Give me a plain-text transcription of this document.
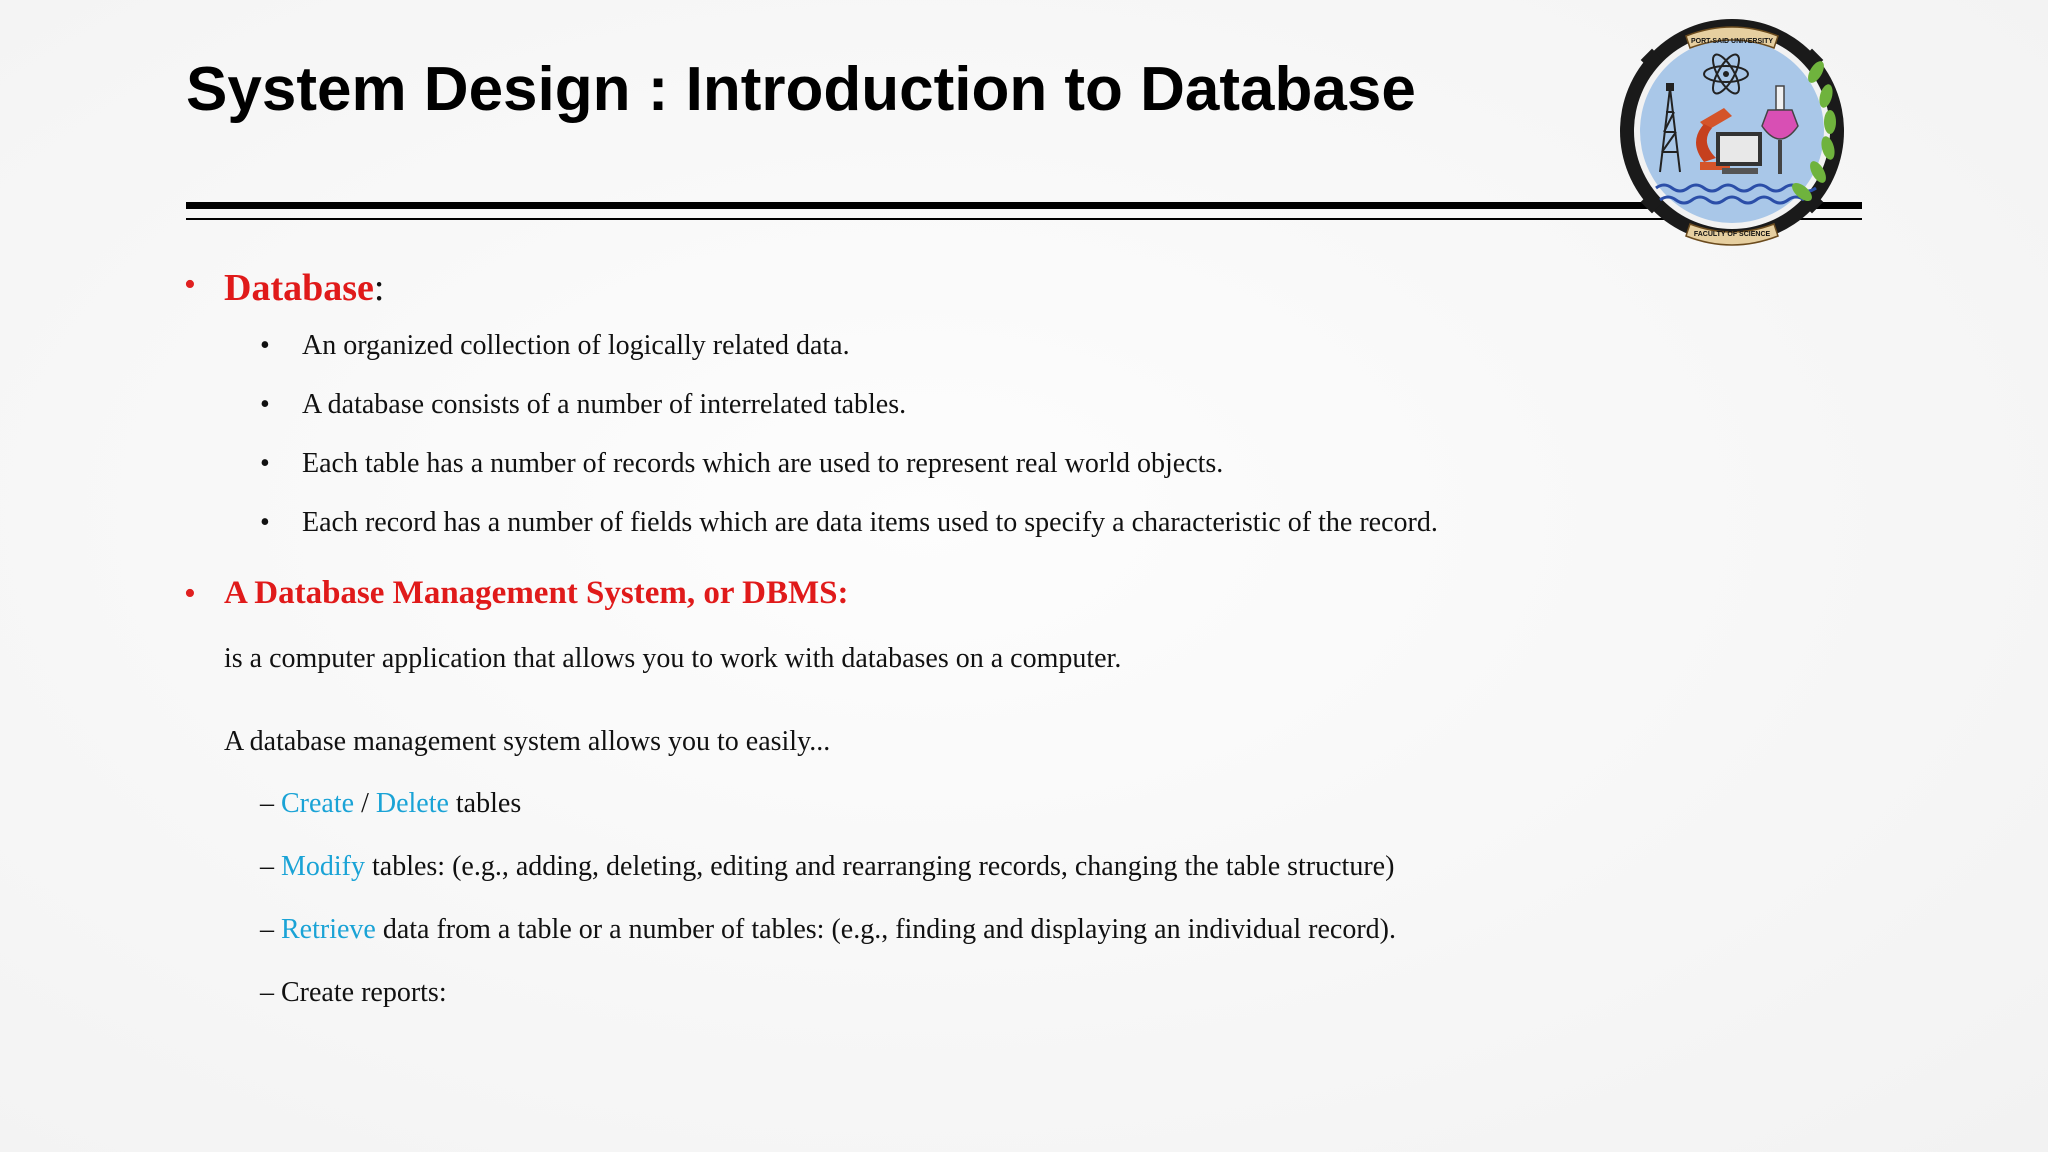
System Design : Introduction to Database
PORT-SAID UNIVERSITY
FACULTY OF SCIENCE
• Database:
• An organized collection of logically related data.
• A database consists of a number of interrelated tables.
• Each table has a number of records which are used to represent real world objects.
• Each record has a number of fields which are data items used to specify a characteristic of the record.
• A Database Management System, or DBMS:
is a computer application that allows you to work with databases on a computer.
A database management system allows you to easily...
– Create / Delete tables
– Modify tables: (e.g., adding, deleting, editing and rearranging records, changing the table structure)
– Retrieve data from a table or a number of tables: (e.g., finding and displaying an individual record).
– Create reports:
